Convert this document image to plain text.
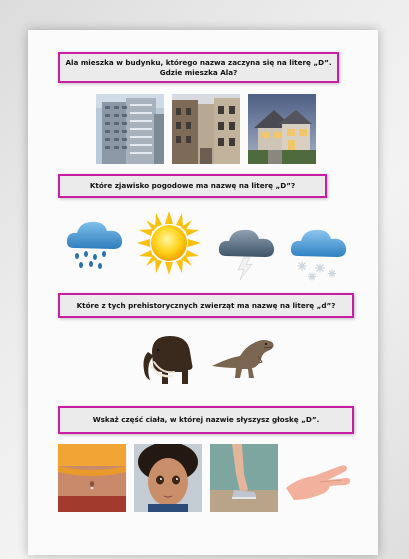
Ala mieszka w budynku, którego nazwa zaczyna się na literę „D”. Gdzie mieszka Ala?
Które zjawisko pogodowe ma nazwę na literę „D”?
Które z tych prehistorycznych zwierząt ma nazwę na literę „d”?
Wskaż część ciała, w której nazwie słyszysz głoskę „D”.
